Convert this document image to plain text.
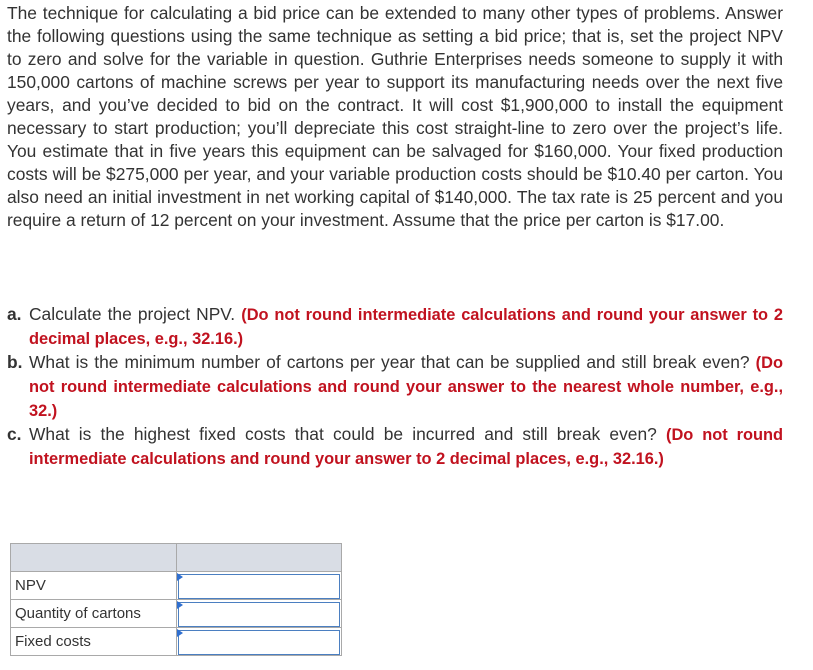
The technique for calculating a bid price can be extended to many other types of problems. Answer the following questions using the same technique as setting a bid price; that is, set the project NPV to zero and solve for the variable in question. Guthrie Enterprises needs someone to supply it with 150,000 cartons of machine screws per year to support its manufacturing needs over the next five years, and you’ve decided to bid on the contract. It will cost $1,900,000 to install the equipment necessary to start production; you’ll depreciate this cost straight-line to zero over the project’s life. You estimate that in five years this equipment can be salvaged for $160,000. Your fixed production costs will be $275,000 per year, and your variable production costs should be $10.40 per carton. You also need an initial investment in net working capital of $140,000. The tax rate is 25 percent and you require a return of 12 percent on your investment. Assume that the price per carton is $17.00.

a. Calculate the project NPV. (Do not round intermediate calculations and round your answer to 2 decimal places, e.g., 32.16.)
b. What is the minimum number of cartons per year that can be supplied and still break even? (Do not round intermediate calculations and round your answer to the nearest whole number, e.g., 32.)
c. What is the highest fixed costs that could be incurred and still break even? (Do not round intermediate calculations and round your answer to 2 decimal places, e.g., 32.16.)

NPV	

Quantity of cartons	

Fixed costs	
